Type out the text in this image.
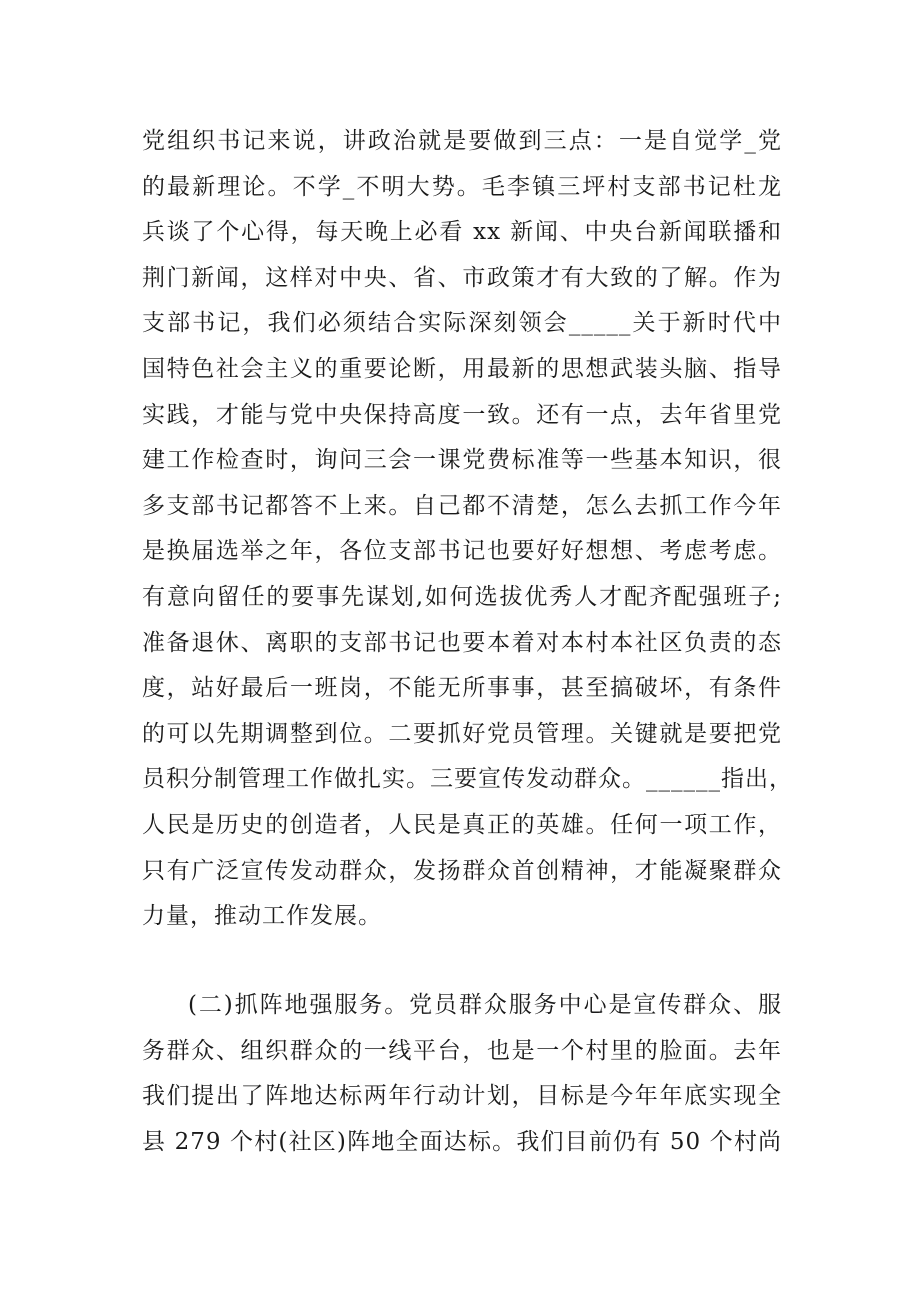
党组织书记来说，讲政治就是要做到三点：一是自觉学_党
的最新理论。不学_不明大势。毛李镇三坪村支部书记杜龙
兵谈了个心得，每天晚上必看 xx 新闻、中央台新闻联播和
荆门新闻，这样对中央、省、市政策才有大致的了解。作为
支部书记，我们必须结合实际深刻领会_____关于新时代中
国特色社会主义的重要论断，用最新的思想武装头脑、指导
实践，才能与党中央保持高度一致。还有一点，去年省里党
建工作检查时，询问三会一课党费标准等一些基本知识，很
多支部书记都答不上来。自己都不清楚，怎么去抓工作今年
是换届选举之年，各位支部书记也要好好想想、考虑考虑。
有意向留任的要事先谋划,如何选拔优秀人才配齐配强班子;
准备退休、离职的支部书记也要本着对本村本社区负责的态
度，站好最后一班岗，不能无所事事，甚至搞破坏，有条件
的可以先期调整到位。二要抓好党员管理。关键就是要把党
员积分制管理工作做扎实。三要宣传发动群众。______指出，
人民是历史的创造者，人民是真正的英雄。任何一项工作，
只有广泛宣传发动群众，发扬群众首创精神，才能凝聚群众
力量，推动工作发展。
(二)抓阵地强服务。党员群众服务中心是宣传群众、服
务群众、组织群众的一线平台，也是一个村里的脸面。去年
我们提出了阵地达标两年行动计划，目标是今年年底实现全
县 279 个村(社区)阵地全面达标。我们目前仍有 50 个村尚
